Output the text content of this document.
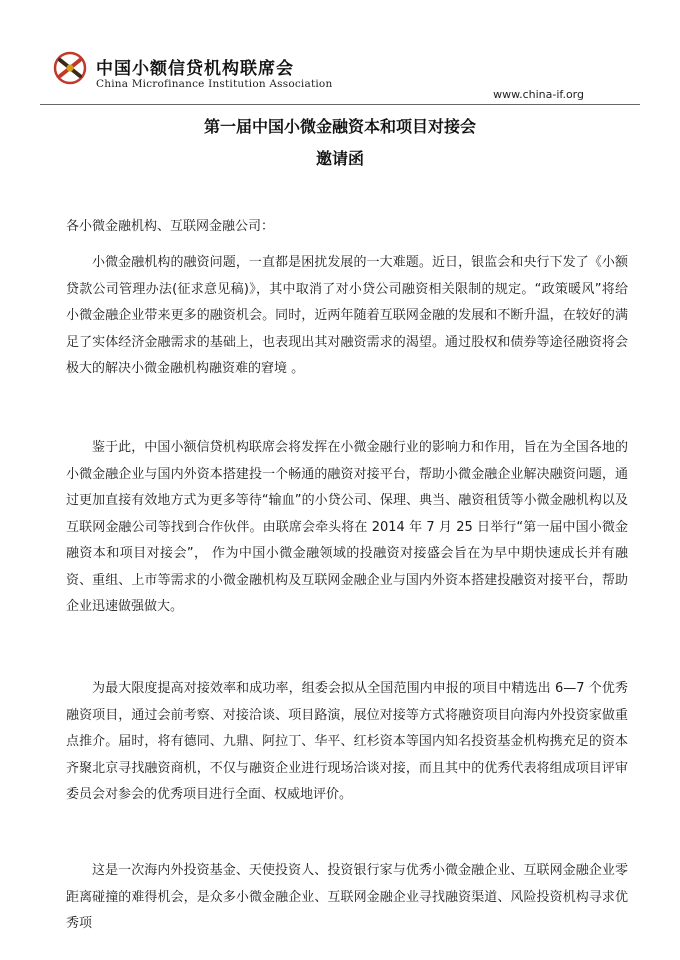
中国小额信贷机构联席会
China Microfinance Institution Association
www.china-if.org
第一届中国小微金融资本和项目对接会
邀请函
各小微金融机构、互联网金融公司：
小微金融机构的融资问题，一直都是困扰发展的一大难题。近日，银监会和央行下发了《小额贷款公司管理办法(征求意见稿)》，其中取消了对小贷公司融资相关限制的规定。“政策暖风”将给小微金融企业带来更多的融资机会。同时，近两年随着互联网金融的发展和不断升温，在较好的满足了实体经济金融需求的基础上，也表现出其对融资需求的渴望。通过股权和债券等途径融资将会极大的解决小微金融机构融资难的窘境 。
鉴于此，中国小额信贷机构联席会将发挥在小微金融行业的影响力和作用，旨在为全国各地的小微金融企业与国内外资本搭建投一个畅通的融资对接平台，帮助小微金融企业解决融资问题，通过更加直接有效地方式为更多等待“输血”的小贷公司、保理、典当、融资租赁等小微金融机构以及互联网金融公司等找到合作伙伴。由联席会牵头将在 2014 年 7 月 25 日举行“第一届中国小微金融资本和项目对接会”， 作为中国小微金融领域的投融资对接盛会旨在为早中期快速成长并有融资、重组、上市等需求的小微金融机构及互联网金融企业与国内外资本搭建投融资对接平台，帮助企业迅速做强做大。
为最大限度提高对接效率和成功率，组委会拟从全国范围内申报的项目中精选出 6—7 个优秀融资项目，通过会前考察、对接洽谈、项目路演，展位对接等方式将融资项目向海内外投资家做重点推介。届时，将有德同、九鼎、阿拉丁、华平、红杉资本等国内知名投资基金机构携充足的资本齐聚北京寻找融资商机，不仅与融资企业进行现场洽谈对接，而且其中的优秀代表将组成项目评审委员会对参会的优秀项目进行全面、权威地评价。
这是一次海内外投资基金、天使投资人、投资银行家与优秀小微金融企业、互联网金融企业零距离碰撞的难得机会，是众多小微金融企业、互联网金融企业寻找融资渠道、风险投资机构寻求优秀项
